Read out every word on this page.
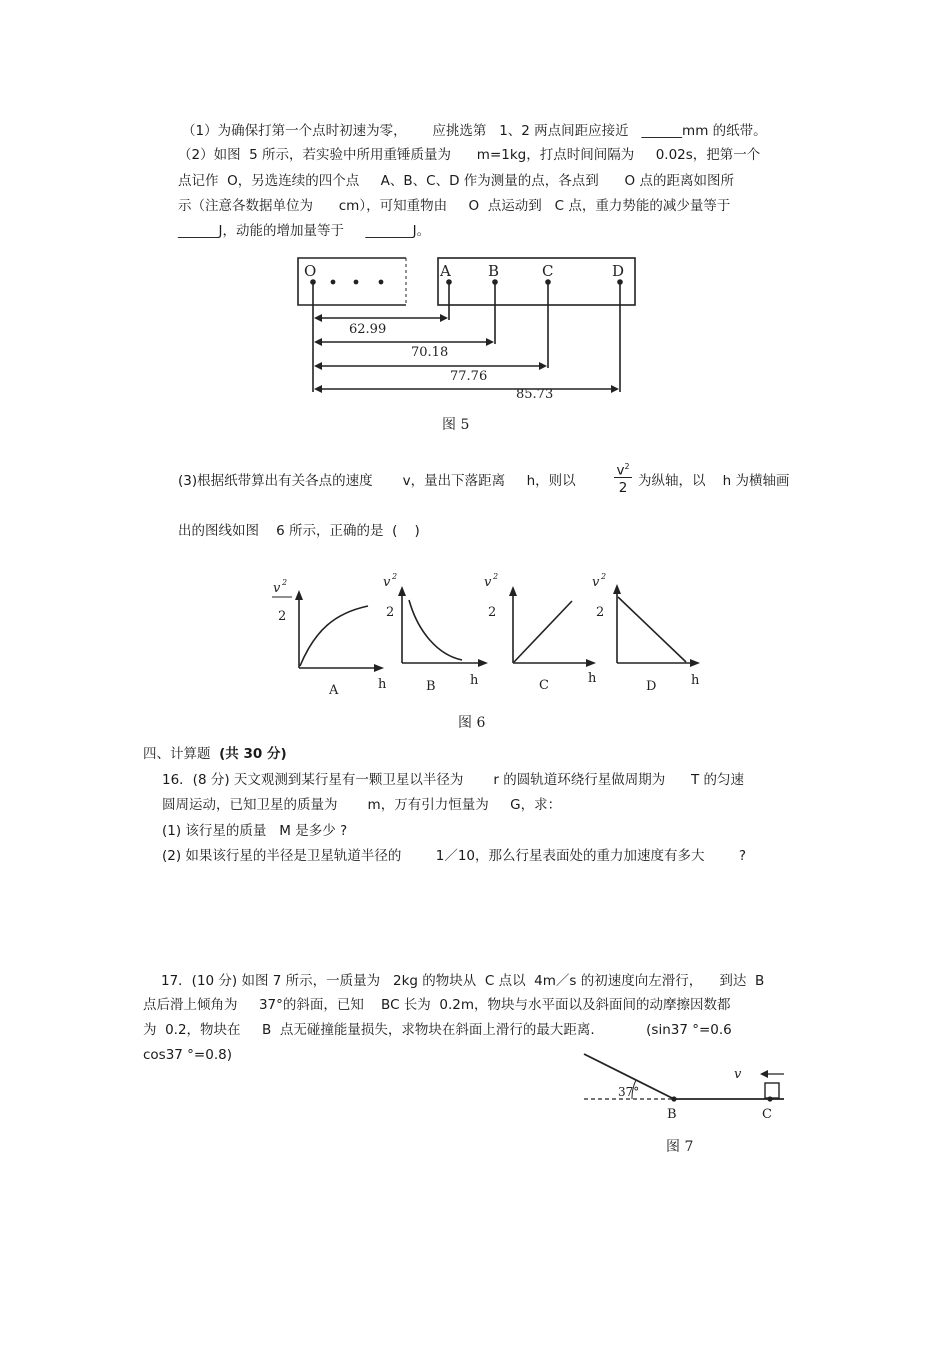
（1）为确保打第一个点时初速为零，      应挑选第   1、2 两点间距应接近   ______mm 的纸带。
（2）如图  5 所示，若实验中所用重锤质量为      m=1kg，打点时间间隔为     0.02s，把第一个
点记作  O，另选连续的四个点     A、B、C、D 作为测量的点，各点到      O 点的距离如图所
示（注意各数据单位为      cm），可知重物由     O  点运动到   C 点，重力势能的减少量等于
______J，动能的增加量等于     _______J。
O	A B	C	D
62.99
70.18
77.76
85.73
图 5
(3)根据纸带算出有关各点的速度       v，量出下落距离     h，则以
$v^2$
2 为纵轴，以    h 为横轴画
出的图线如图    6 所示，正确的是  (    )
v 2
2
v 2
2
v 2
2
v 2
2
h	h	h	h
A	B	C	D
图 6
四、计算题  (共 30 分)
16．(8 分) 天文观测到某行星有一颗卫星以半径为       r 的圆轨道环绕行星做周期为      T 的匀速
圆周运动，已知卫星的质量为       m，万有引力恒量为     G，求：
(1) 该行星的质量   M 是多少 ?
(2) 如果该行星的半径是卫星轨道半径的        1／10，那么行星表面处的重力加速度有多大        ?
17．(10 分) 如图 7 所示，一质量为   2kg 的物块从  C 点以  4m／s 的初速度向左滑行，    到达  B
点后滑上倾角为     37°的斜面，已知    BC 长为  0.2m，物块与水平面以及斜面间的动摩擦因数都
为  0.2，物块在     B  点无碰撞能量损失，求物块在斜面上滑行的最大距离.            (sin37 °=0.6
cos37 °=0.8)
37°
B	C
v
图 7
